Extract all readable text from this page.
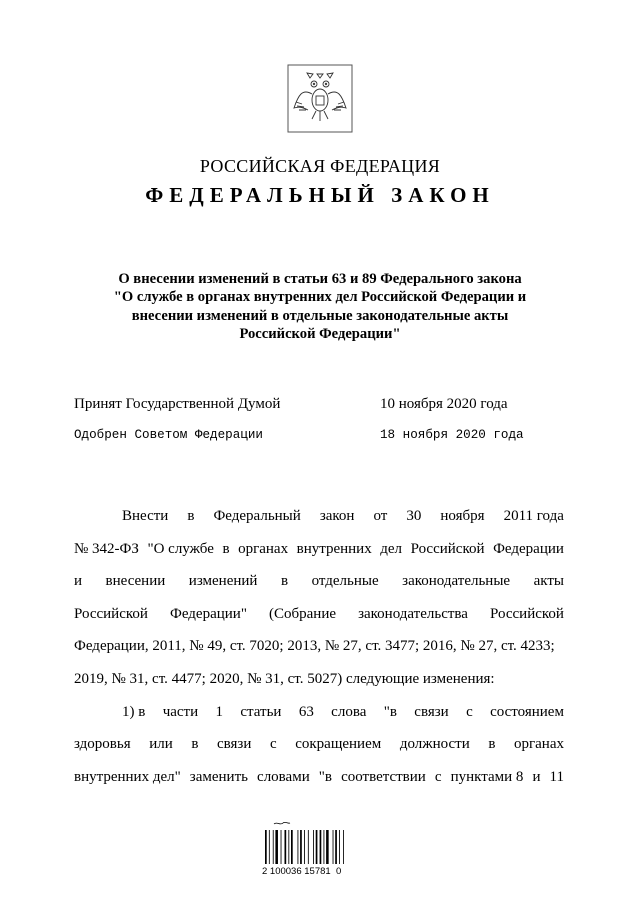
РОССИЙСКАЯ ФЕДЕРАЦИЯ
ФЕДЕРАЛЬНЫЙ ЗАКОН
О внесении изменений в статьи 63 и 89 Федерального закона
"О службе в органах внутренних дел Российской Федерации и
внесении изменений в отдельные законодательные акты
Российской Федерации"
Принят Государственной Думой	10 ноября 2020 года
Одобрен Советом Федерации	18 ноября 2020 года
Внести в Федеральный закон от 30 ноября 2011 года
№ 342-ФЗ "О службе в органах внутренних дел Российской Федерации
и внесении изменений в отдельные законодательные акты
Российской Федерации" (Собрание законодательства Российской
Федерации, 2011, № 49, ст. 7020; 2013, № 27, ст. 3477; 2016, № 27, ст. 4233;
2019, № 31, ст. 4477; 2020, № 31, ст. 5027) следующие изменения:
1) в части 1 статьи 63 слова "в связи с состоянием
здоровья или в связи с сокращением должности в органах
внутренних дел" заменить словами "в соответствии с пунктами 8 и 11
2 100036 15781  0
